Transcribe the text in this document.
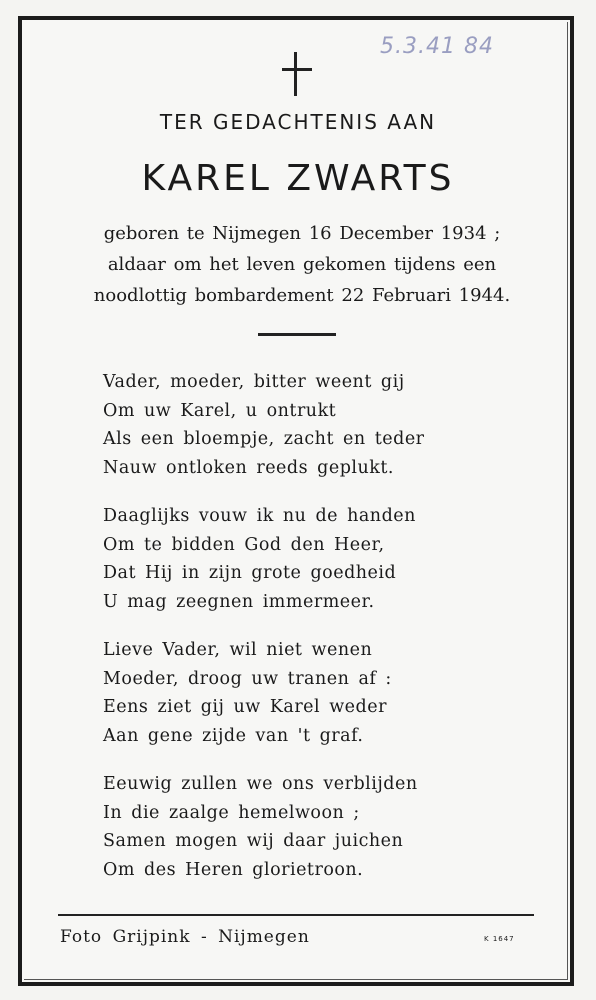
5.3.41 84
TER GEDACHTENIS AAN
KAREL ZWARTS
geboren te Nijmegen 16 December 1934 ;
aldaar om het leven gekomen tijdens een
noodlottig bombardement 22 Februari 1944.
Vader, moeder, bitter weent gij
Om uw Karel, u ontrukt
Als een bloempje, zacht en teder
Nauw ontloken reeds geplukt.
Daaglijks vouw ik nu de handen
Om te bidden God den Heer,
Dat Hij in zijn grote goedheid
U mag zeegnen immermeer.
Lieve Vader, wil niet wenen
Moeder, droog uw tranen af :
Eens ziet gij uw Karel weder
Aan gene zijde van 't graf.
Eeuwig zullen we ons verblijden
In die zaalge hemelwoon ;
Samen mogen wij daar juichen
Om des Heren glorietroon.
Foto Grijpink - Nijmegen	K 1647
